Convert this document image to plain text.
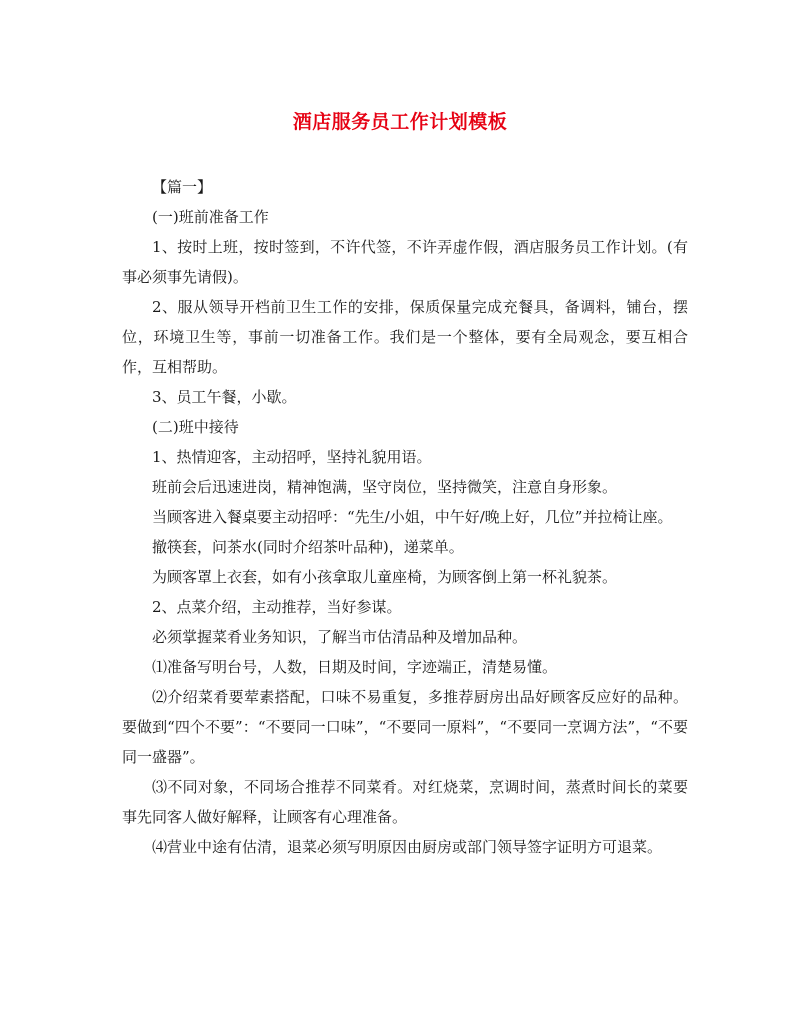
酒店服务员工作计划模板

【篇一】

(一)班前准备工作

1、按时上班，按时签到，不许代签，不许弄虚作假，酒店服务员工作计划。(有事必须事先请假)。

2、服从领导开档前卫生工作的安排，保质保量完成充餐具，备调料，铺台，摆位，环境卫生等，事前一切准备工作。我们是一个整体，要有全局观念，要互相合作，互相帮助。

3、员工午餐，小歇。

(二)班中接待

1、热情迎客，主动招呼，坚持礼貌用语。

班前会后迅速进岗，精神饱满，坚守岗位，坚持微笑，注意自身形象。

当顾客进入餐桌要主动招呼：“先生/小姐，中午好/晚上好，几位”并拉椅让座。

撤筷套，问茶水(同时介绍茶叶品种)，递菜单。

为顾客罩上衣套，如有小孩拿取儿童座椅，为顾客倒上第一杯礼貌茶。

2、点菜介绍，主动推荐，当好参谋。

必须掌握菜肴业务知识，了解当市估清品种及增加品种。

⑴准备写明台号，人数，日期及时间，字迹端正，清楚易懂。

⑵介绍菜肴要荤素搭配，口味不易重复，多推荐厨房出品好顾客反应好的品种。要做到“四个不要”：“不要同一口味”，“不要同一原料”，“不要同一烹调方法”，“不要同一盛器”。

⑶不同对象，不同场合推荐不同菜肴。对红烧菜，烹调时间，蒸煮时间长的菜要事先同客人做好解释，让顾客有心理准备。

⑷营业中途有估清，退菜必须写明原因由厨房或部门领导签字证明方可退菜。
